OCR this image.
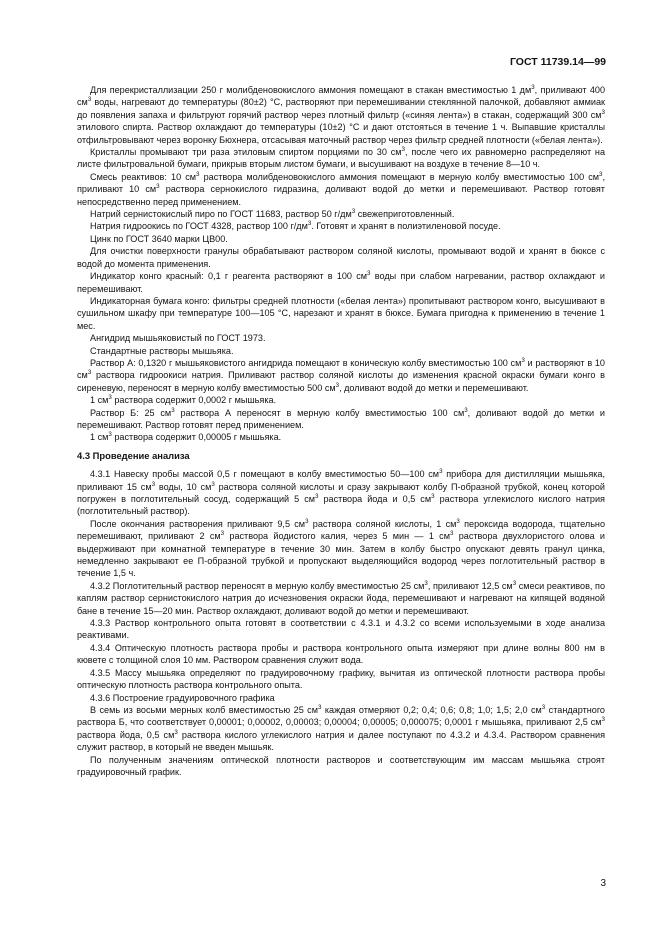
ГОСТ 11739.14—99

Для перекристаллизации 250 г молибденовокислого аммония помещают в стакан вместимостью 1 $дм^3$, приливают 400 $см^3$ воды, нагревают до температуры (80±2) °С, растворяют при перемешивании стеклянной палочкой, добавляют аммиак до появления запаха и фильтруют горячий раствор через плотный фильтр («синяя лента») в стакан, содержащий 300 $см^3$ этилового спирта. Раствор охлаждают до температуры (10±2) °С и дают отстояться в течение 1 ч. Выпавшие кристаллы отфильтровывают через воронку Бюхнера, отсасывая маточный раствор через фильтр средней плотности («белая лента»).

Кристаллы промывают три раза этиловым спиртом порциями по 30 $см^3$, после чего их равномерно распределяют на листе фильтровальной бумаги, прикрыв вторым листом бумаги, и высушивают на воздухе в течение 8—10 ч.

Смесь реактивов: 10 $см^3$ раствора молибденовокислого аммония помещают в мерную колбу вместимостью 100 $см^3$, приливают 10 $см^3$ раствора сернокислого гидразина, доливают водой до метки и перемешивают. Раствор готовят непосредственно перед применением.

Натрий сернистокислый пиро по ГОСТ 11683, раствор 50 $г/дм^3$ свежеприготовленный.

Натрия гидроокись по ГОСТ 4328, раствор 100 $г/дм^3$. Готовят и хранят в полиэтиленовой посуде.

Цинк по ГОСТ 3640 марки ЦВ00.

Для очистки поверхности гранулы обрабатывают раствором соляной кислоты, промывают водой и хранят в бюксе с водой до момента применения.

Индикатор конго красный: 0,1 г реагента растворяют в 100 $см^3$ воды при слабом нагревании, раствор охлаждают и перемешивают.

Индикаторная бумага конго: фильтры средней плотности («белая лента») пропитывают раствором конго, высушивают в сушильном шкафу при температуре 100—105 °С, нарезают и хранят в бюксе. Бумага пригодна к применению в течение 1 мес.

Ангидрид мышьяковистый по ГОСТ 1973.

Стандартные растворы мышьяка.

Раствор А: 0,1320 г мышьяковистого ангидрида помещают в коническую колбу вместимостью 100 $см^3$ и растворяют в 10 $см^3$ раствора гидроокиси натрия. Приливают раствор соляной кислоты до изменения красной окраски бумаги конго в сиреневую, переносят в мерную колбу вместимостью 500 $см^3$, доливают водой до метки и перемешивают.

1 $см^3$ раствора содержит 0,0002 г мышьяка.

Раствор Б: 25 $см^3$ раствора А переносят в мерную колбу вместимостью 100 $см^3$, доливают водой до метки и перемешивают. Раствор готовят перед применением.

1 $см^3$ раствора содержит 0,00005 г мышьяка.

4.3 Проведение анализа

4.3.1 Навеску пробы массой 0,5 г помещают в колбу вместимостью 50—100 $см^3$ прибора для дистилляции мышьяка, приливают 15 $см^3$ воды, 10 $см^3$ раствора соляной кислоты и сразу закрывают колбу П-образной трубкой, конец которой погружен в поглотительный сосуд, содержащий 5 $см^3$ раствора йода и 0,5 $см^3$ раствора углекислого кислого натрия (поглотительный раствор).

После окончания растворения приливают 9,5 $см^3$ раствора соляной кислоты, 1 $см^3$ пероксида водорода, тщательно перемешивают, приливают 2 $см^3$ раствора йодистого калия, через 5 мин — 1 $см^3$ раствора двухлористого олова и выдерживают при комнатной температуре в течение 30 мин. Затем в колбу быстро опускают девять гранул цинка, немедленно закрывают ее П-образной трубкой и пропускают выделяющийся водород через поглотительный раствор в течение 1,5 ч.

4.3.2 Поглотительный раствор переносят в мерную колбу вместимостью 25 $см^3$, приливают 12,5 $см^3$ смеси реактивов, по каплям раствор сернистокислого натрия до исчезновения окраски йода, перемешивают и нагревают на кипящей водяной бане в течение 15—20 мин. Раствор охлаждают, доливают водой до метки и перемешивают.

4.3.3 Раствор контрольного опыта готовят в соответствии с 4.3.1 и 4.3.2 со всеми используемыми в ходе анализа реактивами.

4.3.4 Оптическую плотность раствора пробы и раствора контрольного опыта измеряют при длине волны 800 нм в кювете с толщиной слоя 10 мм. Раствором сравнения служит вода.

4.3.5 Массу мышьяка определяют по градуировочному графику, вычитая из оптической плотности раствора пробы оптическую плотность раствора контрольного опыта.

4.3.6 Построение градуировочного графика

В семь из восьми мерных колб вместимостью 25 $см^3$ каждая отмеряют 0,2; 0,4; 0,6; 0,8; 1,0; 1,5; 2,0 $см^3$ стандартного раствора Б, что соответствует 0,00001; 0,00002, 0,00003; 0,00004; 0,00005; 0,000075; 0,0001 г мышьяка, приливают 2,5 $см^3$ раствора йода, 0,5 $см^3$ раствора кислого углекислого натрия и далее поступают по 4.3.2 и 4.3.4. Раствором сравнения служит раствор, в который не введен мышьяк.

По полученным значениям оптической плотности растворов и соответствующим им массам мышьяка строят градуировочный график.

3
